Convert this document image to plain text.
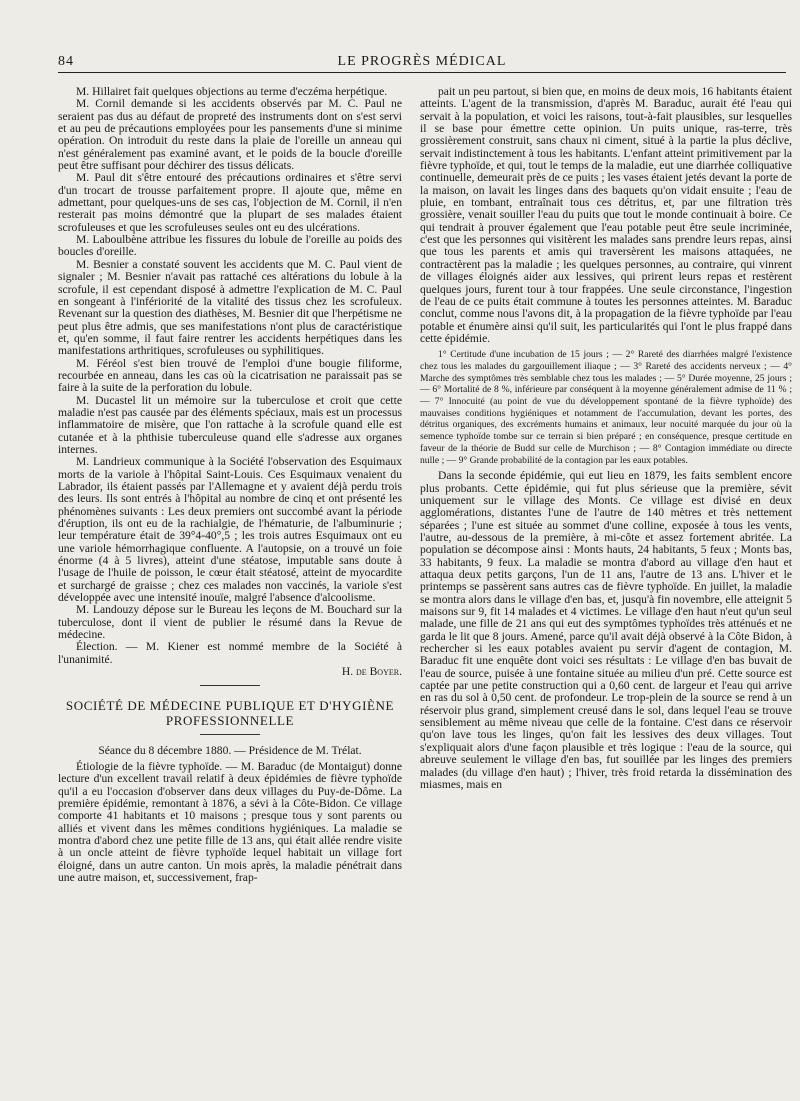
84	LE PROGRÈS MÉDICAL

M. Hillairet fait quelques objections au terme d'eczéma herpétique.

M. Cornil demande si les accidents observés par M. C. Paul ne seraient pas dus au défaut de propreté des instruments dont on s'est servi et au peu de précautions employées pour les pansements d'une si minime opération. On introduit du reste dans la plaie de l'oreille un anneau qui n'est généralement pas examiné avant, et le poids de la boucle d'oreille peut être suffisant pour déchirer des tissus délicats.

M. Paul dit s'être entouré des précautions ordinaires et s'être servi d'un trocart de trousse parfaitement propre. Il ajoute que, même en admettant, pour quelques-uns de ses cas, l'objection de M. Cornil, il n'en resterait pas moins démontré que la plupart de ses malades étaient scrofuleuses et que les scrofuleuses seules ont eu des ulcérations.

M. Laboulbène attribue les fissures du lobule de l'oreille au poids des boucles d'oreille.

M. Besnier a constaté souvent les accidents que M. C. Paul vient de signaler ; M. Besnier n'avait pas rattaché ces altérations du lobule à la scrofule, il est cependant disposé à admettre l'explication de M. C. Paul en songeant à l'infériorité de la vitalité des tissus chez les scrofuleux. Revenant sur la question des diathèses, M. Besnier dit que l'herpétisme ne peut plus être admis, que ses manifestations n'ont plus de caractéristique et, qu'en somme, il faut faire rentrer les accidents herpétiques dans les manifestations arthritiques, scrofuleuses ou syphilitiques.

M. Féréol s'est bien trouvé de l'emploi d'une bougie filiforme, recourbée en anneau, dans les cas où la cicatrisation ne paraissait pas se faire à la suite de la perforation du lobule.

M. Ducastel lit un mémoire sur la tuberculose et croit que cette maladie n'est pas causée par des éléments spéciaux, mais est un processus inflammatoire de misère, que l'on rattache à la scrofule quand elle est cutanée et à la phthisie tuberculeuse quand elle s'adresse aux organes internes.

M. Landrieux communique à la Société l'observation des Esquimaux morts de la variole à l'hôpital Saint-Louis. Ces Esquimaux venaient du Labrador, ils étaient passés par l'Allemagne et y avaient déjà perdu trois des leurs. Ils sont entrés à l'hôpital au nombre de cinq et ont présenté les phénomènes suivants : Les deux premiers ont succombé avant la période d'éruption, ils ont eu de la rachialgie, de l'hématurie, de l'albuminurie ; leur température était de 39°4-40°,5 ; les trois autres Esquimaux ont eu une variole hémorrhagique confluente. A l'autopsie, on a trouvé un foie énorme (4 à 5 livres), atteint d'une stéatose, imputable sans doute à l'usage de l'huile de poisson, le cœur était stéatosé, atteint de myocardite et surchargé de graisse ; chez ces malades non vaccinés, la variole s'est développée avec une intensité inouïe, malgré l'absence d'alcoolisme.

M. Landouzy dépose sur le Bureau les leçons de M. Bouchard sur la tuberculose, dont il vient de publier le résumé dans la Revue de médecine.

Élection. — M. Kiener est nommé membre de la Société à l'unanimité.

H. de Boyer.

SOCIÉTÉ DE MÉDECINE PUBLIQUE ET D'HYGIÈNE PROFESSIONNELLE

Séance du 8 décembre 1880. — Présidence de M. Trélat.

Étiologie de la fièvre typhoïde. — M. Baraduc (de Montaigut) donne lecture d'un excellent travail relatif à deux épidémies de fièvre typhoïde qu'il a eu l'occasion d'observer dans deux villages du Puy-de-Dôme. La première épidémie, remontant à 1876, a sévi à la Côte-Bidon. Ce village comporte 41 habitants et 10 maisons ; presque tous y sont parents ou alliés et vivent dans les mêmes conditions hygiéniques. La maladie se montra d'abord chez une petite fille de 13 ans, qui était allée rendre visite à un oncle atteint de fièvre typhoïde lequel habitait un village fort éloigné, dans un autre canton. Un mois après, la maladie pénétrait dans une autre maison, et, successivement, frap-

pait un peu partout, si bien que, en moins de deux mois, 16 habitants étaient atteints. L'agent de la transmission, d'après M. Baraduc, aurait été l'eau qui servait à la population, et voici les raisons, tout-à-fait plausibles, sur lesquelles il se base pour émettre cette opinion. Un puits unique, ras-terre, très grossièrement construit, sans chaux ni ciment, situé à la partie la plus déclive, servait indistinctement à tous les habitants. L'enfant atteint primitivement par la fièvre typhoïde, et qui, tout le temps de la maladie, eut une diarrhée colliquative continuelle, demeurait près de ce puits ; les vases étaient jetés devant la porte de la maison, on lavait les linges dans des baquets qu'on vidait ensuite ; l'eau de pluie, en tombant, entraînait tous ces détritus, et, par une filtration très grossière, venait souiller l'eau du puits que tout le monde continuait à boire. Ce qui tendrait à prouver également que l'eau potable peut être seule incriminée, c'est que les personnes qui visitèrent les malades sans prendre leurs repas, ainsi que tous les parents et amis qui traversèrent les maisons attaquées, ne contractèrent pas la maladie ; les quelques personnes, au contraire, qui vinrent de villages éloignés aider aux lessives, qui prirent leurs repas et restèrent quelques jours, furent tour à tour frappées. Une seule circonstance, l'ingestion de l'eau de ce puits était commune à toutes les personnes atteintes. M. Baraduc conclut, comme nous l'avons dit, à la propagation de la fièvre typhoïde par l'eau potable et énumère ainsi qu'il suit, les particularités qui l'ont le plus frappé dans cette épidémie.

1° Certitude d'une incubation de 15 jours ; — 2° Rareté des diarrhées malgré l'existence chez tous les malades du gargouillement iliaque ; — 3° Rareté des accidents nerveux ; — 4° Marche des symptômes très semblable chez tous les malades ; — 5° Durée moyenne, 25 jours ; — 6° Mortalité de 8 %, inférieure par conséquent à la moyenne généralement admise de 11 % ; — 7° Innocuité (au point de vue du développement spontané de la fièvre typhoïde) des mauvaises conditions hygiéniques et notamment de l'accumulation, devant les portes, des détritus organiques, des excréments humains et animaux, leur nocuité marquée du jour où la semence typhoïde tombe sur ce terrain si bien préparé ; en conséquence, presque certitude en faveur de la théorie de Budd sur celle de Murchison ; — 8° Contagion immédiate ou directe nulle ; — 9° Grande probabilité de la contagion par les eaux potables.

Dans la seconde épidémie, qui eut lieu en 1879, les faits semblent encore plus probants. Cette épidémie, qui fut plus sérieuse que la première, sévit uniquement sur le village des Monts. Ce village est divisé en deux agglomérations, distantes l'une de l'autre de 140 mètres et très nettement séparées ; l'une est située au sommet d'une colline, exposée à tous les vents, l'autre, au-dessous de la première, à mi-côte et assez fortement abritée. La population se décompose ainsi : Monts hauts, 24 habitants, 5 feux ; Monts bas, 33 habitants, 9 feux. La maladie se montra d'abord au village d'en haut et attaqua deux petits garçons, l'un de 11 ans, l'autre de 13 ans. L'hiver et le printemps se passèrent sans autres cas de fièvre typhoïde. En juillet, la maladie se montra alors dans le village d'en bas, et, jusqu'à fin novembre, elle atteignit 5 maisons sur 9, fit 14 malades et 4 victimes. Le village d'en haut n'eut qu'un seul malade, une fille de 21 ans qui eut des symptômes typhoïdes très atténués et ne garda le lit que 8 jours. Amené, parce qu'il avait déjà observé à la Côte Bidon, à rechercher si les eaux potables avaient pu servir d'agent de contagion, M. Baraduc fit une enquête dont voici ses résultats : Le village d'en bas buvait de l'eau de source, puisée à une fontaine située au milieu d'un pré. Cette source est captée par une petite construction qui a 0,60 cent. de largeur et l'eau qui arrive en ras du sol à 0,50 cent. de profondeur. Le trop-plein de la source se rend à un réservoir plus grand, simplement creusé dans le sol, dans lequel l'eau se trouve sensiblement au même niveau que celle de la fontaine. C'est dans ce réservoir qu'on lave tous les linges, qu'on fait les lessives des deux villages. Tout s'expliquait alors d'une façon plausible et très logique : l'eau de la source, qui abreuve seulement le village d'en bas, fut souillée par les linges des premiers malades (du village d'en haut) ; l'hiver, très froid retarda la dissémination des miasmes, mais en
